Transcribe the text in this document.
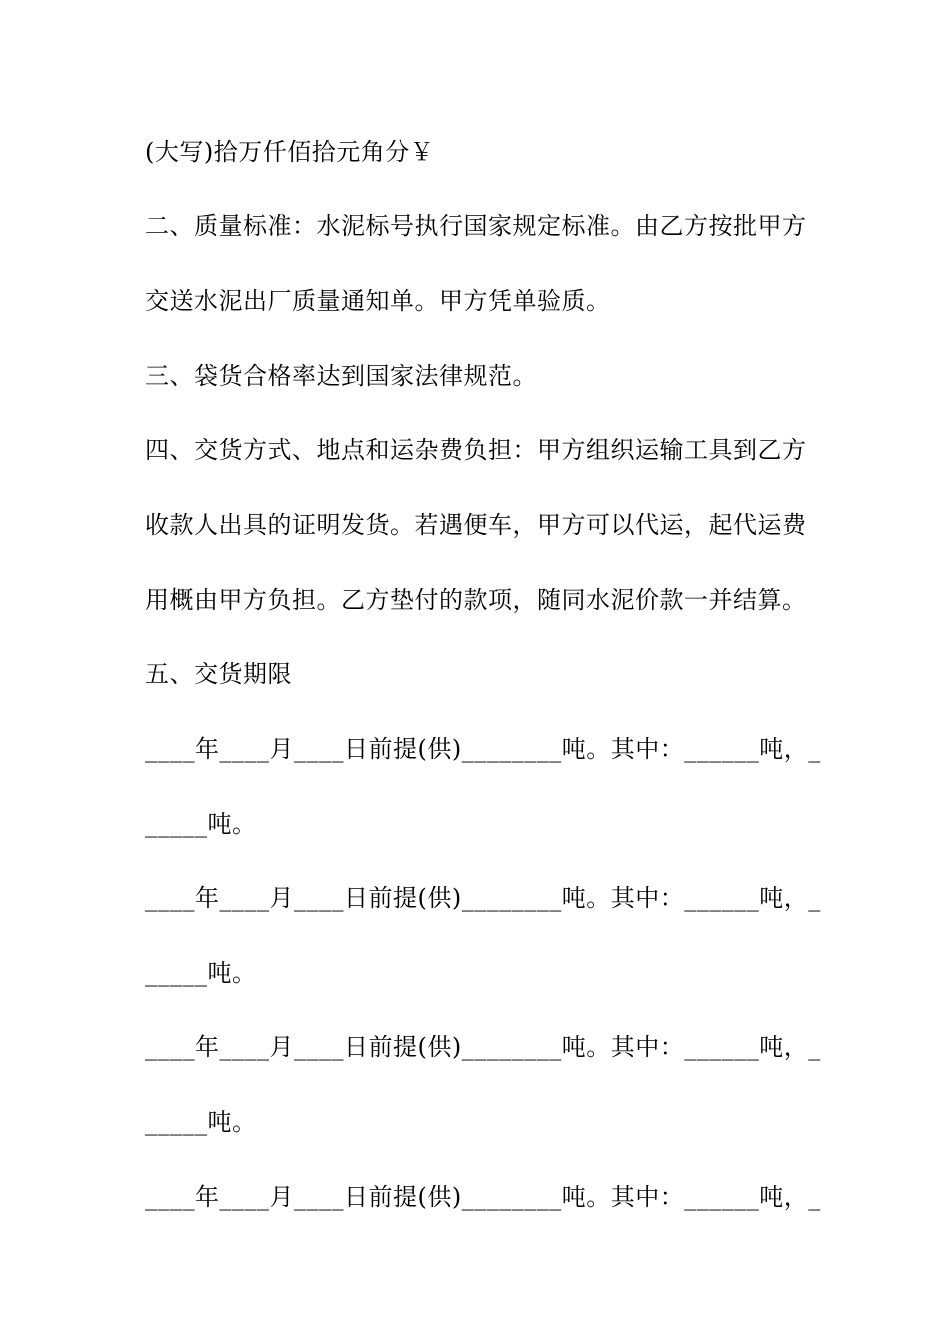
(大写)拾万仟佰拾元角分￥
二、质量标准：水泥标号执行国家规定标准。由乙方按批甲方
交送水泥出厂质量通知单。甲方凭单验质。
三、袋货合格率达到国家法律规范。
四、交货方式、地点和运杂费负担：甲方组织运输工具到乙方
收款人出具的证明发货。若遇便车，甲方可以代运，起代运费
用概由甲方负担。乙方垫付的款项，随同水泥价款一并结算。
五、交货期限
____年____月____日前提(供)________吨。其中：______吨，_
_____吨。
____年____月____日前提(供)________吨。其中：______吨，_
_____吨。
____年____月____日前提(供)________吨。其中：______吨，_
_____吨。
____年____月____日前提(供)________吨。其中：______吨，_
